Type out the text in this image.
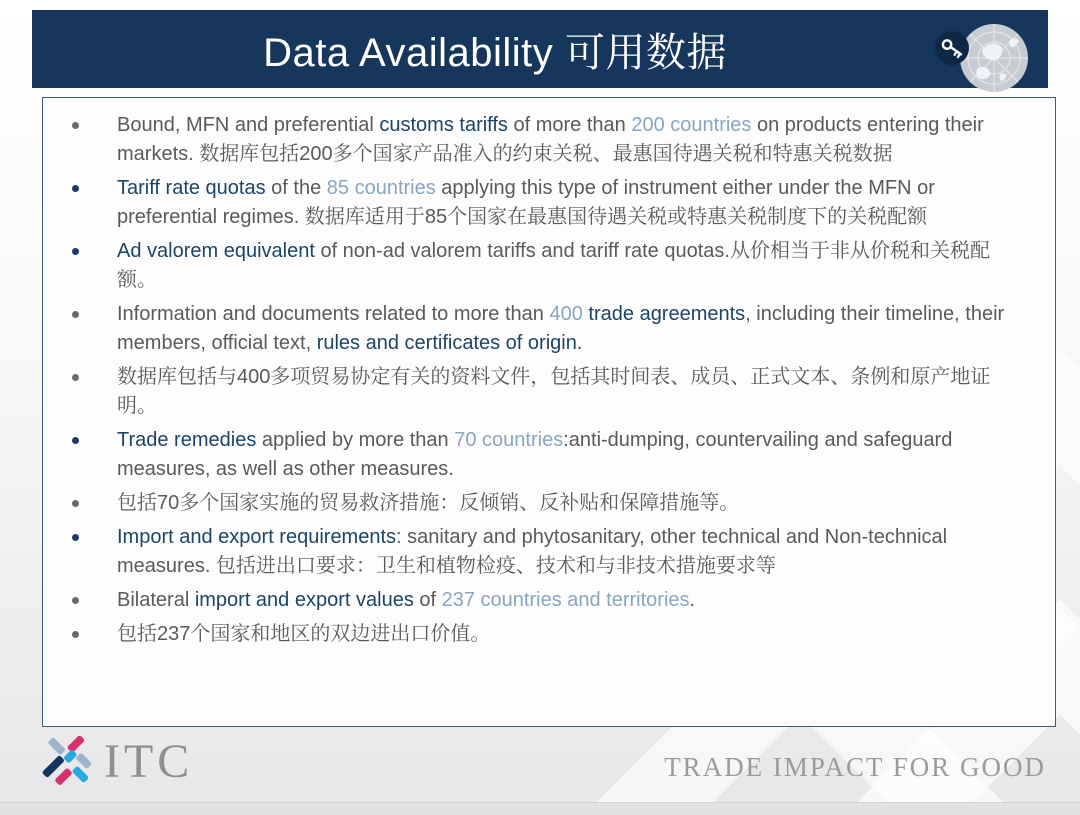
Data Availability 可用数据
Bound, MFN and preferential customs tariffs of more than 200 countries on products entering their markets. 数据库包括200多个国家产品准入的约束关税、最惠国待遇关税和特惠关税数据
Tariff rate quotas of the 85 countries applying this type of instrument either under the MFN or preferential regimes. 数据库适用于85个国家在最惠国待遇关税或特惠关税制度下的关税配额
Ad valorem equivalent of non-ad valorem tariffs and tariff rate quotas.从价相当于非从价税和关税配额。
Information and documents related to more than 400 trade agreements, including their timeline, their members, official text, rules and certificates of origin.
数据库包括与400多项贸易协定有关的资料文件，包括其时间表、成员、正式文本、条例和原产地证明。
Trade remedies applied by more than 70 countries:anti-dumping, countervailing and safeguard measures, as well as other measures.
包括70多个国家实施的贸易救济措施：反倾销、反补贴和保障措施等。
Import and export requirements: sanitary and phytosanitary, other technical and Non-technical measures. 包括进出口要求：卫生和植物检疫、技术和与非技术措施要求等
Bilateral import and export values of 237 countries and territories.
包括237个国家和地区的双边进出口价值。
ITC	TRADE IMPACT FOR GOOD
